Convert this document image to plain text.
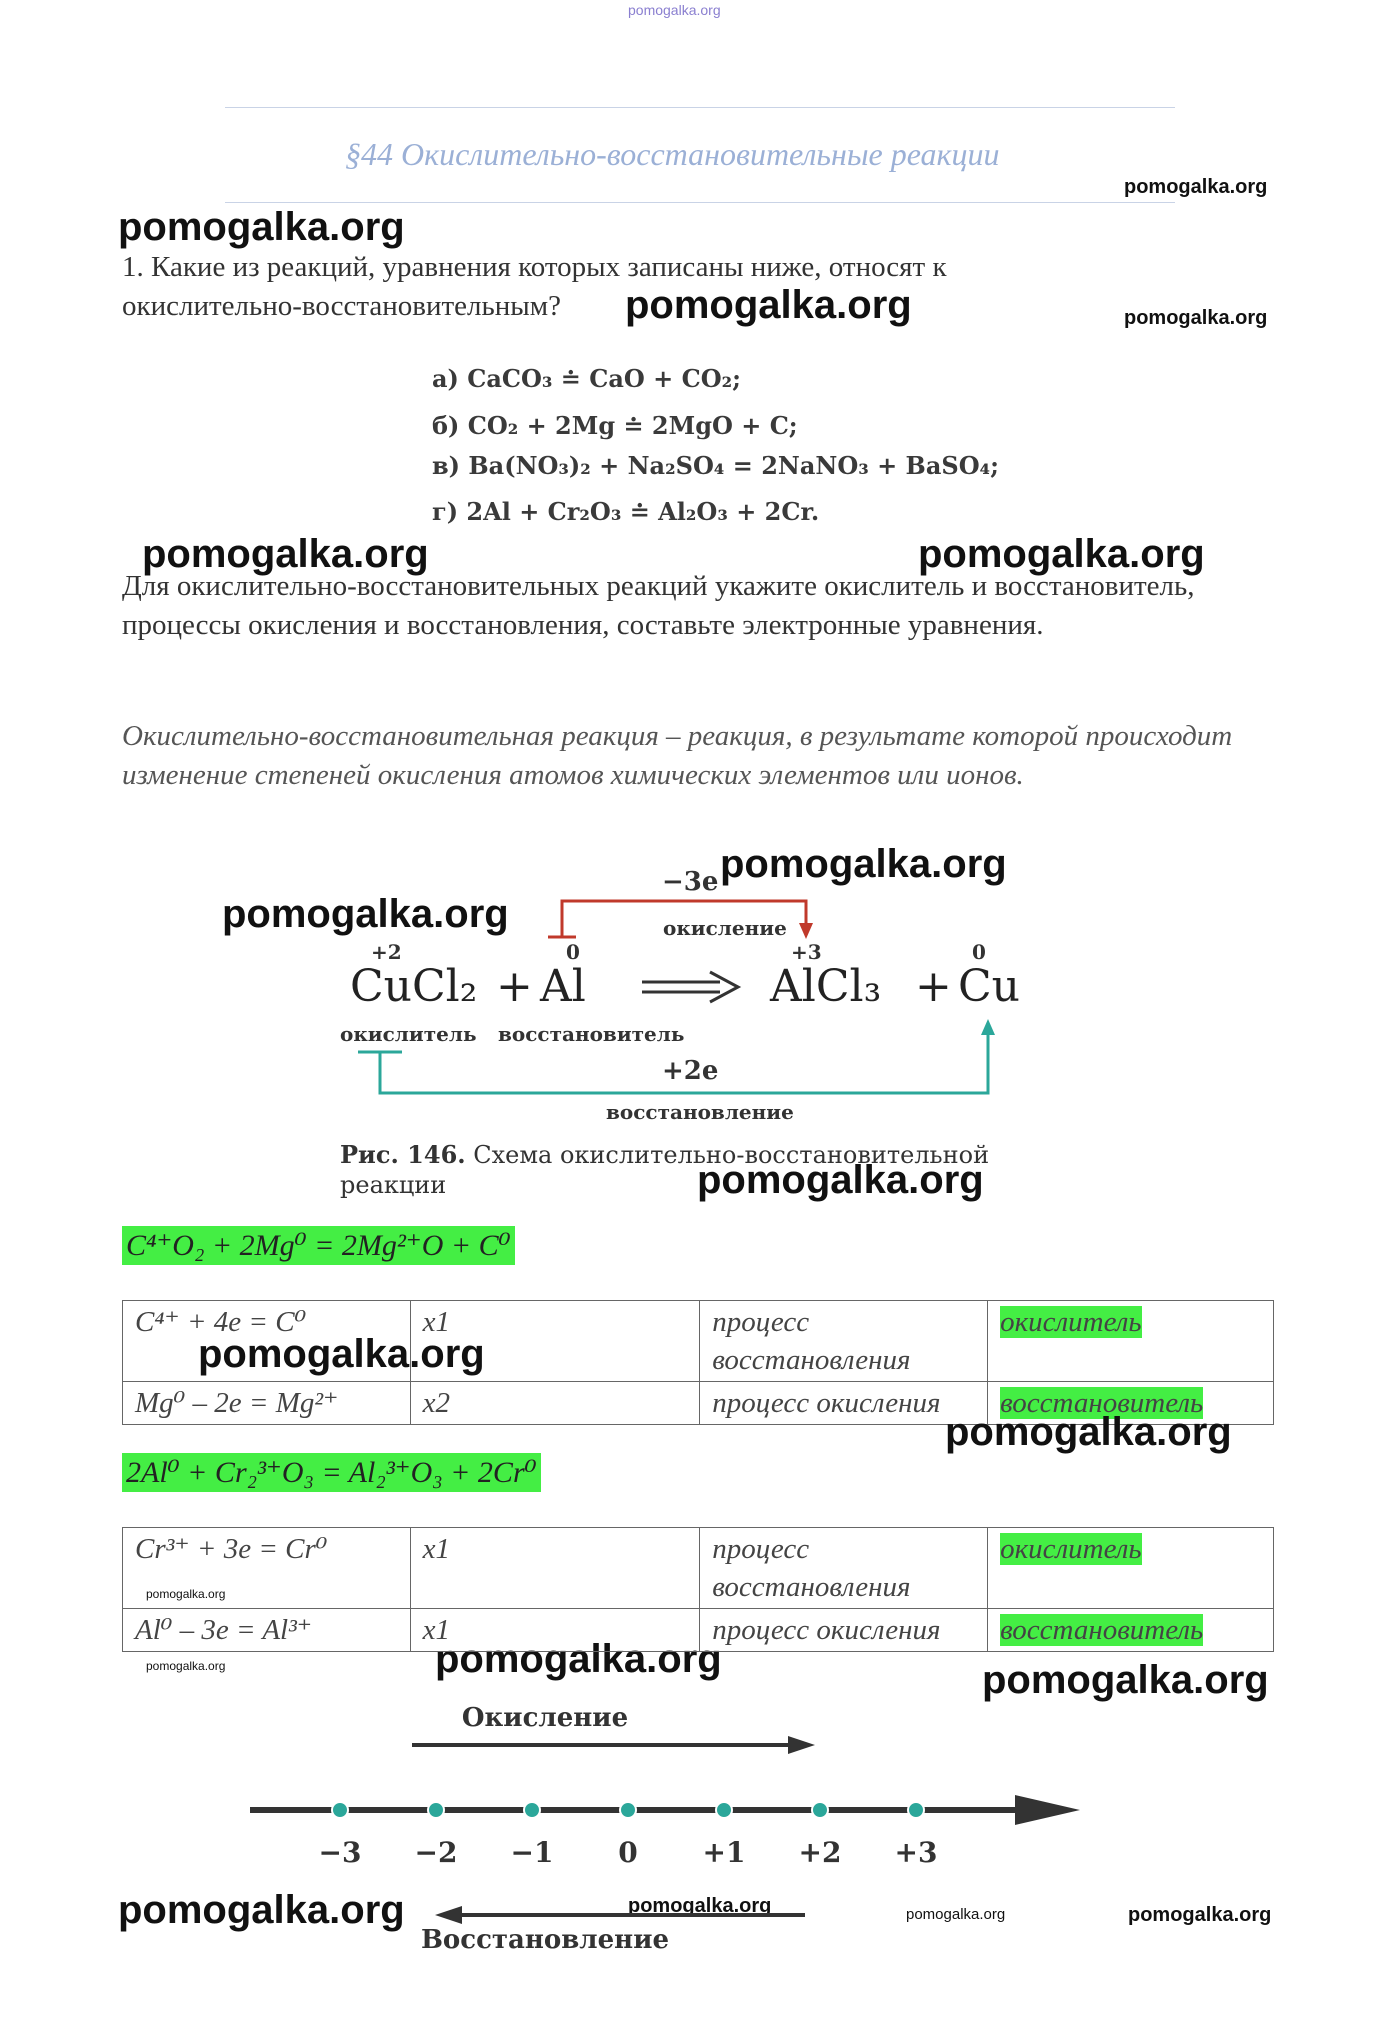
pomogalka.org
§44 Окислительно-восстановительные реакции
pomogalka.org
pomogalka.org
pomogalka.org	pomogalka.org
pomogalka.org	pomogalka.org
pomogalka.org
pomogalka.org
pomogalka.org
pomogalka.org
pomogalka.org
pomogalka.org
pomogalka.org	pomogalka.org	pomogalka.org
pomogalka.org	pomogalka.org	pomogalka.org	pomogalka.org
1. Какие из реакций, уравнения которых записаны ниже, относят к окислительно-восстановительным?
а) CaCO₃ ≐ CaO + CO₂;
б) CO₂ + 2Mg ≐ 2MgO + C;
в) Ba(NO₃)₂ + Na₂SO₄ = 2NaNO₃ + BaSO₄;
г) 2Al + Cr₂O₃ ≐ Al₂O₃ + 2Cr.
Для окислительно-восстановительных реакций укажите окислитель и восстановитель, процессы окисления и восстановления, составьте электронные уравнения.
Окислительно-восстановительная реакция – реакция, в результате которой происходит изменение степеней окисления атомов химических элементов или ионов.
окисление
−3e
+2	0	+3	0
CuCl₂ + Al	AlCl₃ + Cu
окислитель восстановитель
+2e
восстановление
Рис. 146. Схема окислительно-восстановительной реакции
C⁴⁺O₂ + 2Mg⁰ = 2Mg²⁺O + C⁰
C⁴⁺ + 4e = C⁰	x1	процесс восстановления	окислитель
Mg⁰ – 2e = Mg²⁺	x2	процесс окисления	восстановитель
2Al⁰ + Cr₂³⁺O₃ = Al₂³⁺O₃ + 2Cr⁰
Cr³⁺ + 3e = Cr⁰	x1	процесс восстановления	окислитель
Al⁰ – 3e = Al³⁺	x1	процесс окисления	восстановитель
Окисление
−3 −2 −1 0 +1 +2 +3
Восстановление
